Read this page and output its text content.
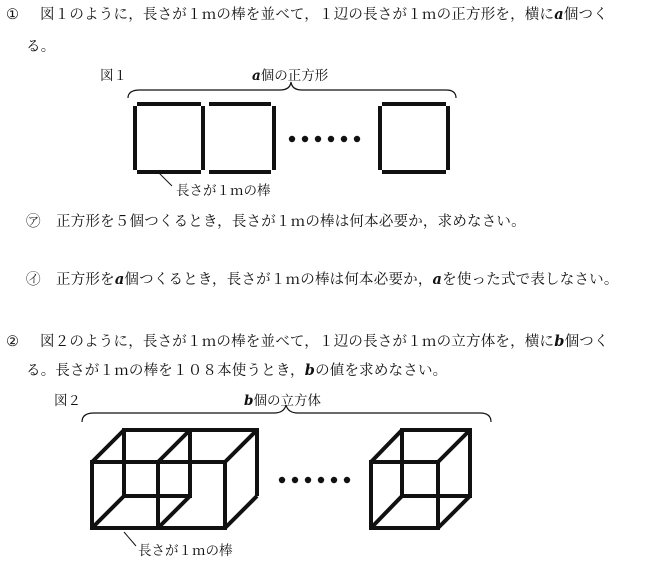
① 図１のように，長さが１ｍの棒を並べて，１辺の長さが１ｍの正方形を，横にa個つく
る。
図１	a個の正方形
長さが１ｍの棒
㋐ 正方形を５個つくるとき，長さが１ｍの棒は何本必要か，求めなさい。
㋑ 正方形をa個つくるとき，長さが１ｍの棒は何本必要か，aを使った式で表しなさい。
② 図２のように，長さが１ｍの棒を並べて，１辺の長さが１ｍの立方体を，横にb個つく
る。長さが１ｍの棒を１０８本使うとき，bの値を求めなさい。
図２	b個の立方体
長さが１ｍの棒
